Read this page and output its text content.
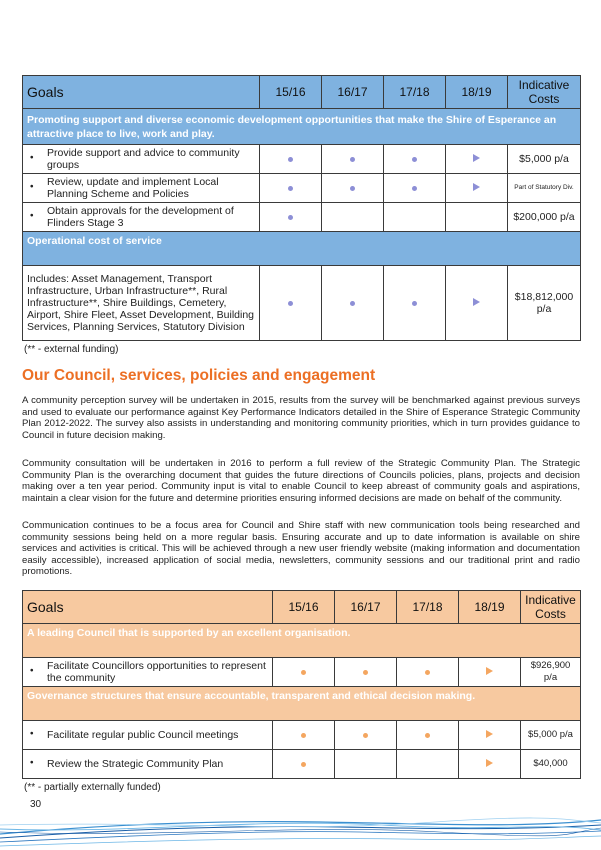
Goals	15/16	16/17	17/18	18/19	Indicative Costs
Promoting support and diverse economic development opportunities that make the Shire of Esperance an attractive place to live, work and play.					

• Provide support and advice to community groups					$5,000 p/a

• Review, update and implement Local Planning Scheme and Policies					Part of Statutory Div.

• Obtain approvals for the development of Flinders Stage 3					$200,000 p/a
Operational cost of service					
Includes: Asset Management, Transport Infrastructure, Urban Infrastructure**, Rural Infrastructure**, Shire Buildings, Cemetery, Airport, Shire Fleet, Asset Development, Building Services, Planning Services, Statutory Division					$18,812,000 p/a
(** - external funding)
Our Council, services, policies and engagement

A community perception survey will be undertaken in 2015, results from the survey will be benchmarked against previous surveys and used to evaluate our performance against Key Performance Indicators detailed in the Shire of Esperance Strategic Community Plan 2012-2022. The survey also assists in understanding and monitoring community priorities, which in turn provides guidance to Council in future decision making.

Community consultation will be undertaken in 2016 to perform a full review of the Strategic Community Plan. The Strategic Community Plan is the overarching document that guides the future directions of Councils policies, plans, projects and decision making over a ten year period. Community input is vital to enable Council to keep abreast of community goals and aspirations, maintain a clear vision for the future and determine priorities ensuring informed decisions are made on behalf of the community.

Communication continues to be a focus area for Council and Shire staff with new communication tools being researched and community sessions being held on a more regular basis. Ensuring accurate and up to date information is available on shire services and activities is critical. This will be achieved through a new user friendly website (making information and documentation easily accessible), increased application of social media, newsletters, community sessions and our traditional print and radio promotions.

Goals	15/16	16/17	17/18	18/19	Indicative Costs
A leading Council that is supported by an excellent organisation.					

• Facilitate Councillors opportunities to represent the community					$926,900 p/a
Governance structures that ensure accountable, transparent and ethical decision making.					

• Facilitate regular public Council meetings					$5,000 p/a

• Review the Strategic Community Plan					$40,000
(** - partially externally funded)
30
